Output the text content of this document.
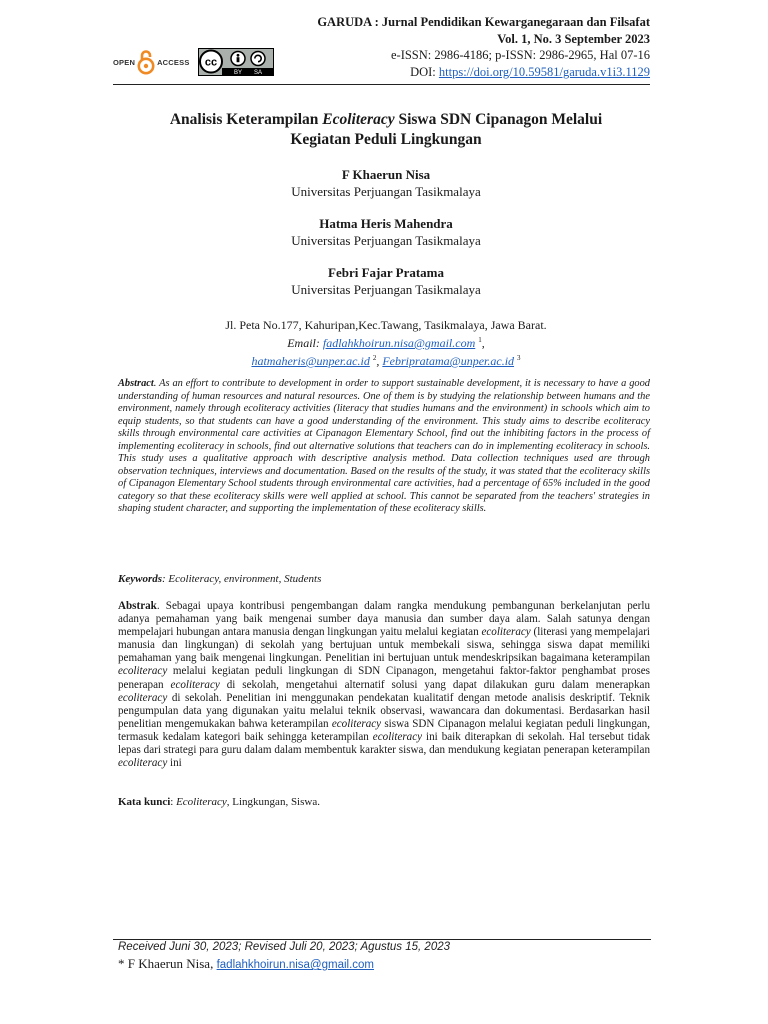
OPEN	ACCESS cc
BY SA
GARUDA : Jurnal Pendidikan Kewarganegaraan dan Filsafat
Vol. 1, No. 3 September 2023
e-ISSN: 2986-4186; p-ISSN: 2986-2965, Hal 07-16
DOI: https://doi.org/10.59581/garuda.v1i3.1129
Analisis Keterampilan Ecoliteracy Siswa SDN Cipanagon Melalui
Kegiatan Peduli Lingkungan
F Khaerun Nisa
Universitas Perjuangan Tasikmalaya
Hatma Heris Mahendra
Universitas Perjuangan Tasikmalaya
Febri Fajar Pratama
Universitas Perjuangan Tasikmalaya
Jl. Peta No.177, Kahuripan,Kec.Tawang, Tasikmalaya, Jawa Barat.
Email: fadlahkhoirun.nisa@gmail.com $^1$,
hatmaheris@unper.ac.id $^2$, Febripratama@unper.ac.id $^3$
Abstract. As an effort to contribute to development in order to support sustainable development, it is necessary to have a good understanding of human resources and natural resources. One of them is by studying the relationship between humans and the environment, namely through ecoliteracy activities (literacy that studies humans and the environment) in schools which aim to equip students, so that students can have a good understanding of the environment. This study aims to describe ecoliteracy skills through environmental care activities at Cipanagon Elementary School, find out the inhibiting factors in the process of implementing ecoliteracy in schools, find out alternative solutions that teachers can do in implementing ecoliteracy in schools. This study uses a qualitative approach with descriptive analysis method. Data collection techniques used are through observation techniques, interviews and documentation. Based on the results of the study, it was stated that the ecoliteracy skills of Cipanagon Elementary School students through environmental care activities, had a percentage of 65% included in the good category so that these ecoliteracy skills were well applied at school. This cannot be separated from the teachers' strategies in shaping student character, and supporting the implementation of these ecoliteracy skills.
Keywords: Ecoliteracy, environment, Students
Abstrak. Sebagai upaya kontribusi pengembangan dalam rangka mendukung pembangunan berkelanjutan perlu adanya pemahaman yang baik mengenai sumber daya manusia dan sumber daya alam. Salah satunya dengan mempelajari hubungan antara manusia dengan lingkungan yaitu melalui kegiatan ecoliteracy (literasi yang mempelajari manusia dan lingkungan) di sekolah yang bertujuan untuk membekali siswa, sehingga siswa dapat memiliki pemahaman yang baik mengenai lingkungan. Penelitian ini bertujuan untuk mendeskripsikan bagaimana keterampilan ecoliteracy melalui kegiatan peduli lingkungan di SDN Cipanagon, mengetahui faktor-faktor penghambat proses penerapan ecoliteracy di sekolah, mengetahui alternatif solusi yang dapat dilakukan guru dalam menerapkan ecoliteracy di sekolah. Penelitian ini menggunakan pendekatan kualitatif dengan metode analisis deskriptif. Teknik pengumpulan data yang digunakan yaitu melalui teknik observasi, wawancara dan dokumentasi. Berdasarkan hasil penelitian mengemukakan bahwa keterampilan ecoliteracy siswa SDN Cipanagon melalui kegiatan peduli lingkungan, termasuk kedalam kategori baik sehingga keterampilan ecoliteracy ini baik diterapkan di sekolah. Hal tersebut tidak lepas dari strategi para guru dalam dalam membentuk karakter siswa, dan mendukung kegiatan penerapan keterampilan ecoliteracy ini
Kata kunci: Ecoliteracy, Lingkungan, Siswa.
Received Juni 30, 2023; Revised Juli 20, 2023; Agustus 15, 2023
* F Khaerun Nisa, fadlahkhoirun.nisa@gmail.com
